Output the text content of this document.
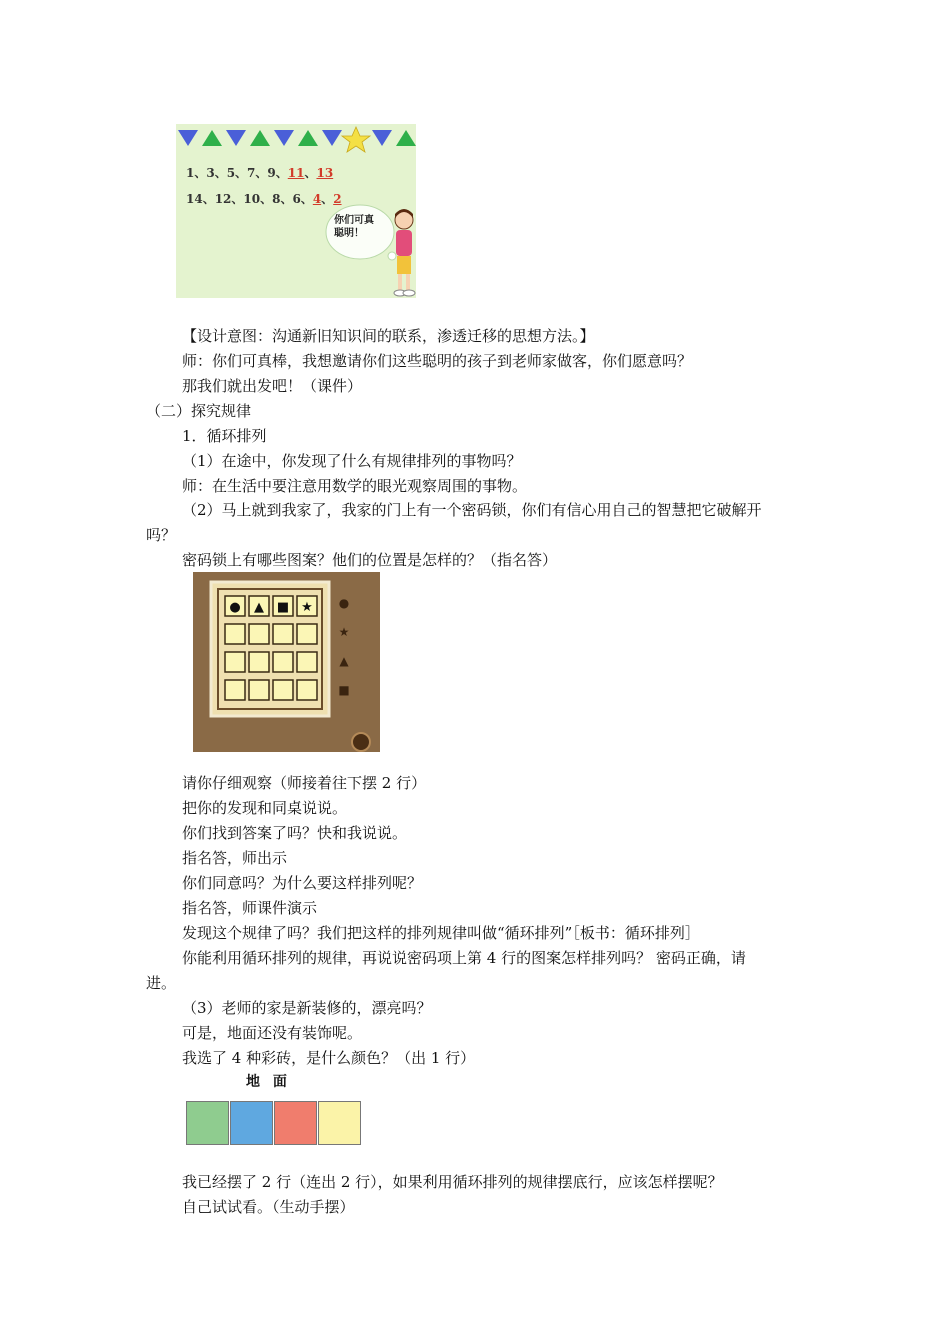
1、3、5、7、9、11、13
14、12、10、8、6、4、2
你们可真聪明！
【设计意图：沟通新旧知识间的联系，渗透迁移的思想方法。】
师：你们可真棒，我想邀请你们这些聪明的孩子到老师家做客，你们愿意吗？
那我们就出发吧！（课件）
（二）探究规律
1．循环排列
（1）在途中，你发现了什么有规律排列的事物吗？
师：在生活中要注意用数学的眼光观察周围的事物。
（2）马上就到我家了，我家的门上有一个密码锁，你们有信心用自己的智慧把它破解开
吗？
密码锁上有哪些图案？他们的位置是怎样的？（指名答）
● ▲ ■ ★ ●
★
▲
■
请你仔细观察（师接着往下摆 2 行）
把你的发现和同桌说说。
你们找到答案了吗？快和我说说。
指名答，师出示
你们同意吗？为什么要这样排列呢？
指名答，师课件演示
发现这个规律了吗？我们把这样的排列规律叫做“循环排列”［板书：循环排列］
你能利用循环排列的规律，再说说密码项上第 4 行的图案怎样排列吗？ 密码正确，请
进。
（3）老师的家是新装修的，漂亮吗？
可是，地面还没有装饰呢。
我选了 4 种彩砖，是什么颜色？（出 1 行）
地 面
我已经摆了 2 行（连出 2 行），如果利用循环排列的规律摆底行，应该怎样摆呢？
自己试试看。（生动手摆）
